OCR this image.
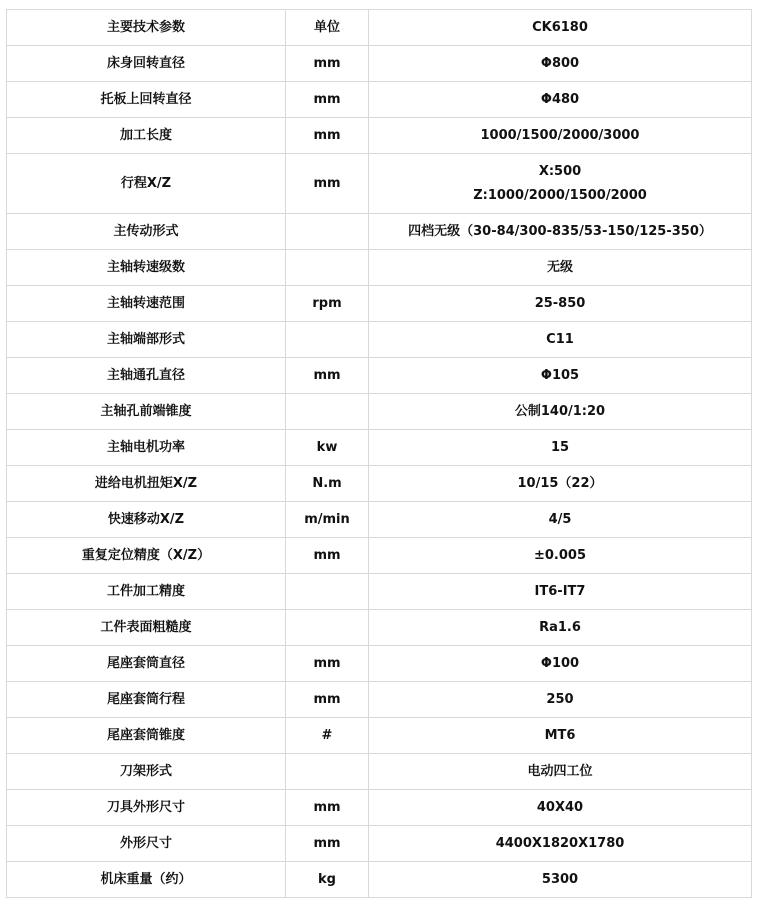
主要技术参数	单位	CK6180
床身回转直径	mm	Φ800
托板上回转直径	mm	Φ480
加工长度	mm	1000/1500/2000/3000
行程X/Z	mm	X:500
Z:1000/2000/1500/2000

主传动形式		四档无级（30-84/300-835/53-150/125-350）
主轴转速级数		无级
主轴转速范围	rpm	25-850
主轴端部形式		C11
主轴通孔直径	mm	Φ105
主轴孔前端锥度		公制140/1:20
主轴电机功率	kw	15
进给电机扭矩X/Z	N.m	10/15（22）
快速移动X/Z	m/min	4/5
重复定位精度（X/Z）	mm	±0.005
工件加工精度		IT6-IT7
工件表面粗糙度		Ra1.6
尾座套筒直径	mm	Φ100
尾座套筒行程	mm	250
尾座套筒锥度	#	MT6
刀架形式		电动四工位
刀具外形尺寸	mm	40X40
外形尺寸	mm	4400X1820X1780
机床重量（约）	kg	5300
